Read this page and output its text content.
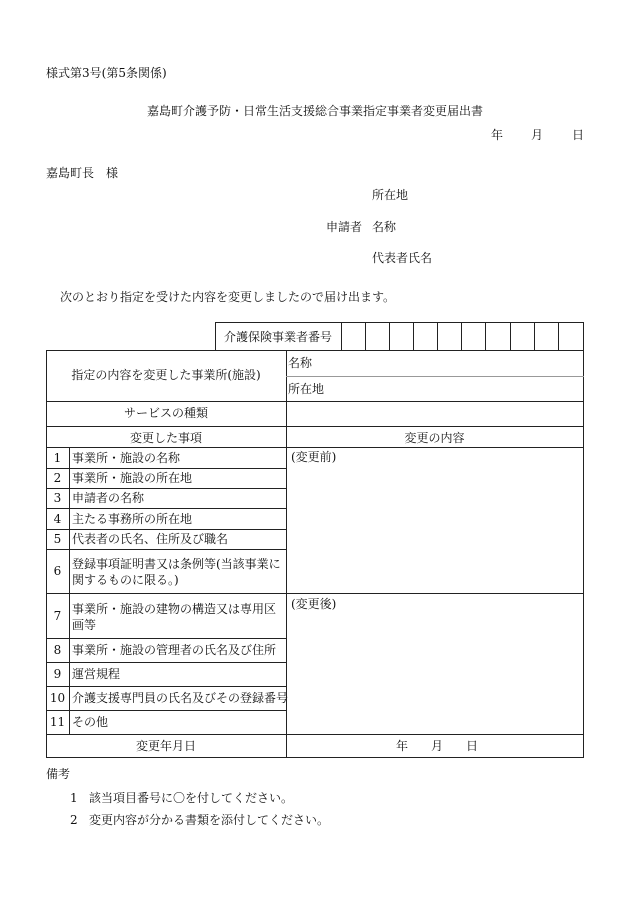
様式第3号(第5条関係)
嘉島町介護予防・日常生活支援総合事業指定事業者変更届出書
年 月 日
嘉島町長　様
所在地
申請者 名称
代表者氏名
次のとおり指定を受けた内容を変更しましたので届け出ます。
介護保険事業者番号
指定の内容を変更した事業所(施設)
名称
所在地
サービスの種類
変更した事項	変更の内容
1
2
3
4
5
6
7
8
9
10
11
事業所・施設の名称
事業所・施設の所在地
申請者の名称
主たる事務所の所在地
代表者の氏名、住所及び職名
登録事項証明書又は条例等(当該事業に関するものに限る。)
事業所・施設の建物の構造又は専用区画等
事業所・施設の管理者の氏名及び住所
運営規程
介護支援専門員の氏名及びその登録番号
その他
(変更前)
(変更後)
変更年月日	年 月 日
備考
1 該当項目番号に〇を付してください。
2 変更内容が分かる書類を添付してください。
